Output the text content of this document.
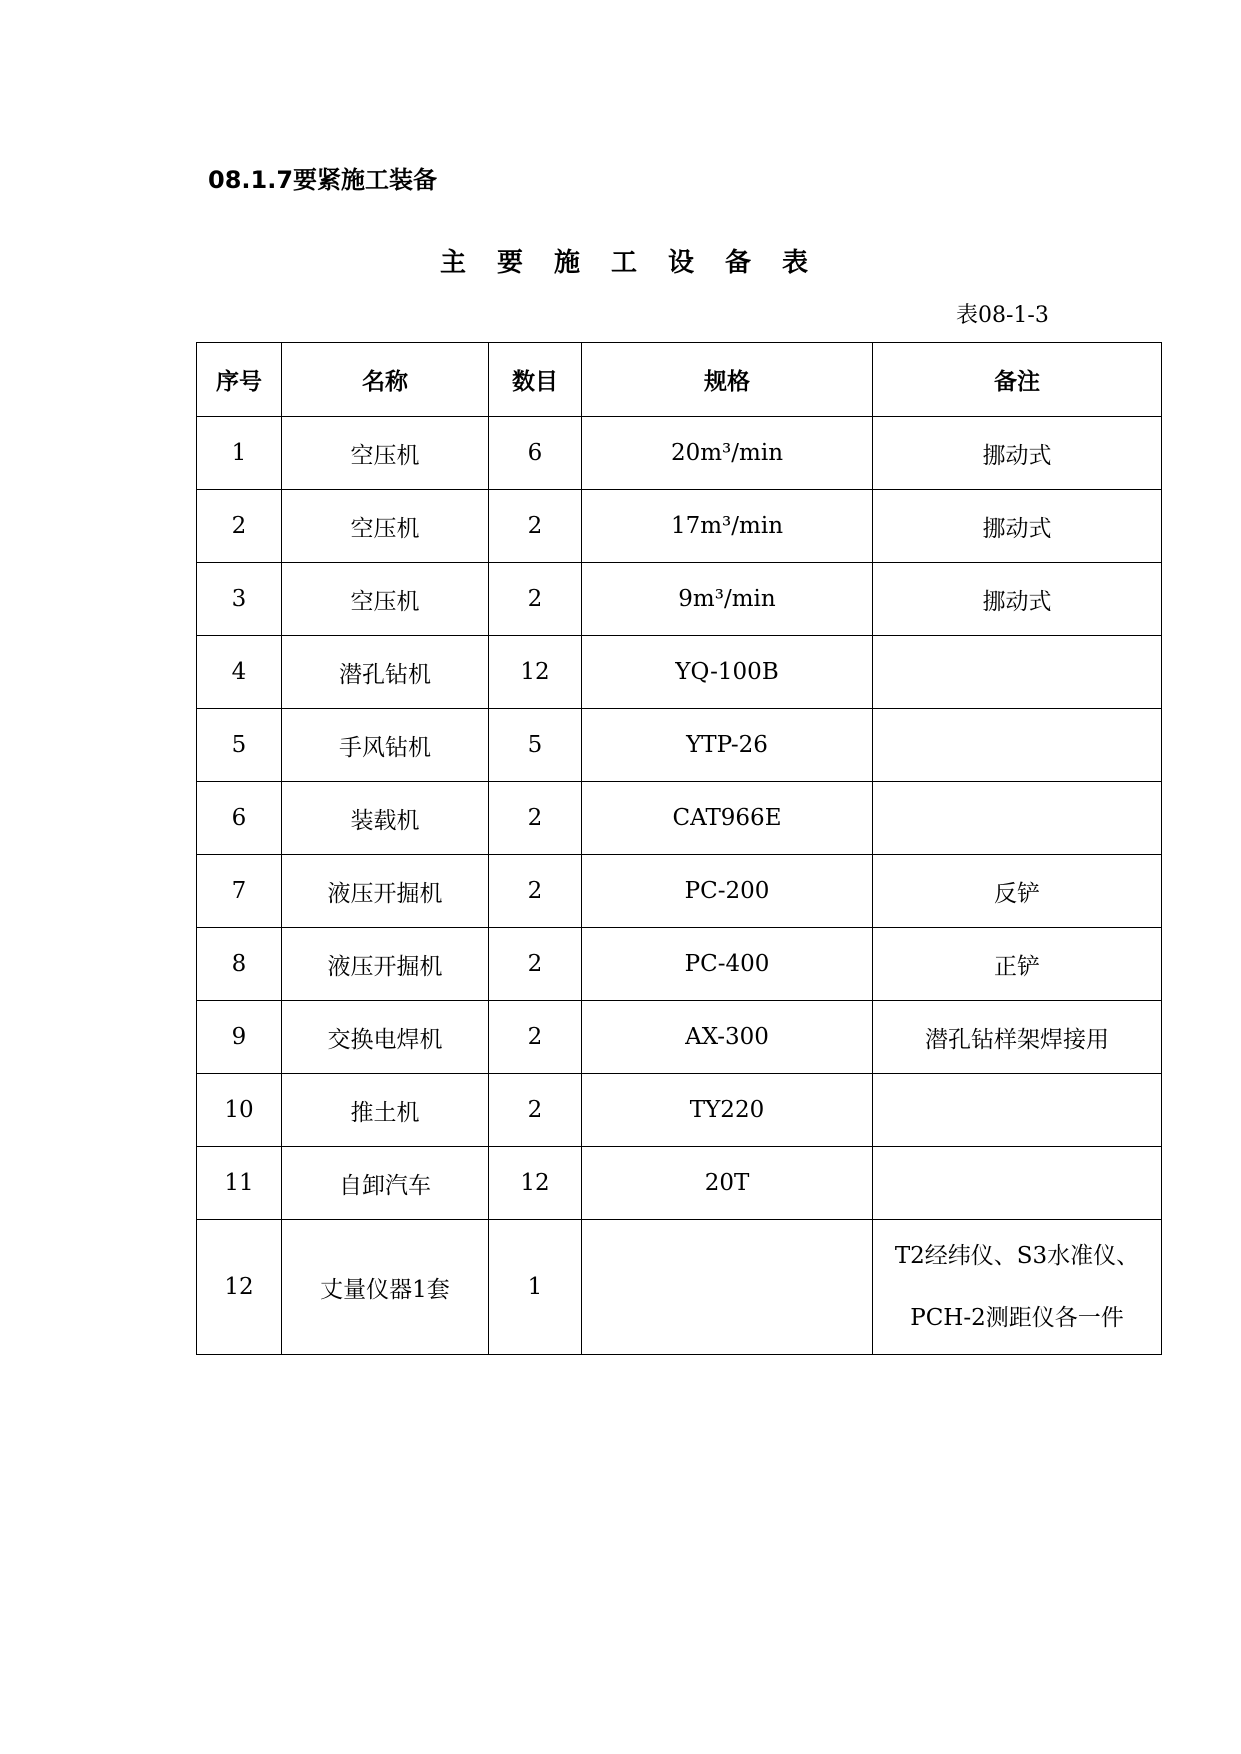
08.1.7要紧施工装备
主 要 施 工 设 备 表
表08-1-3
序号	名称	数目	规格	备注
1	空压机	6	20m³/min	挪动式
2	空压机	2	17m³/min	挪动式
3	空压机	2	9m³/min	挪动式
4	潜孔钻机	12	YQ-100B	
5	手风钻机	5	YTP-26	
6	装载机	2	CAT966E	
7	液压开掘机	2	PC-200	反铲
8	液压开掘机	2	PC-400	正铲
9	交换电焊机	2	AX-300	潜孔钻样架焊接用
10	推土机	2	TY220	
11	自卸汽车	12	20T	
12	丈量仪器1套	1		T2经纬仪、S3水准仪、
PCH-2测距仪各一件
